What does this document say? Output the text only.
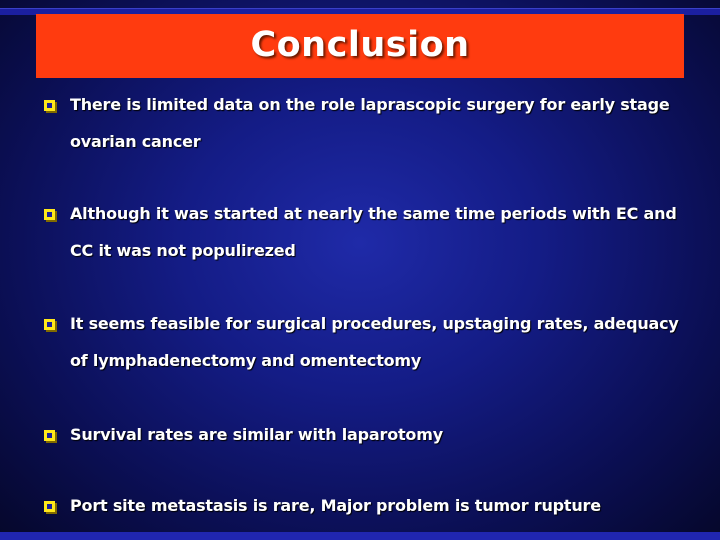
Conclusion
There is limited data on the role laprascopic surgery for early stage ovarian cancer
Although it was started at nearly the same time periods with EC and CC it was not populirezed
It seems feasible for surgical procedures, upstaging rates, adequacy of lymphadenectomy and omentectomy
Survival rates are similar with laparotomy
Port site metastasis is rare, Major problem is tumor rupture
